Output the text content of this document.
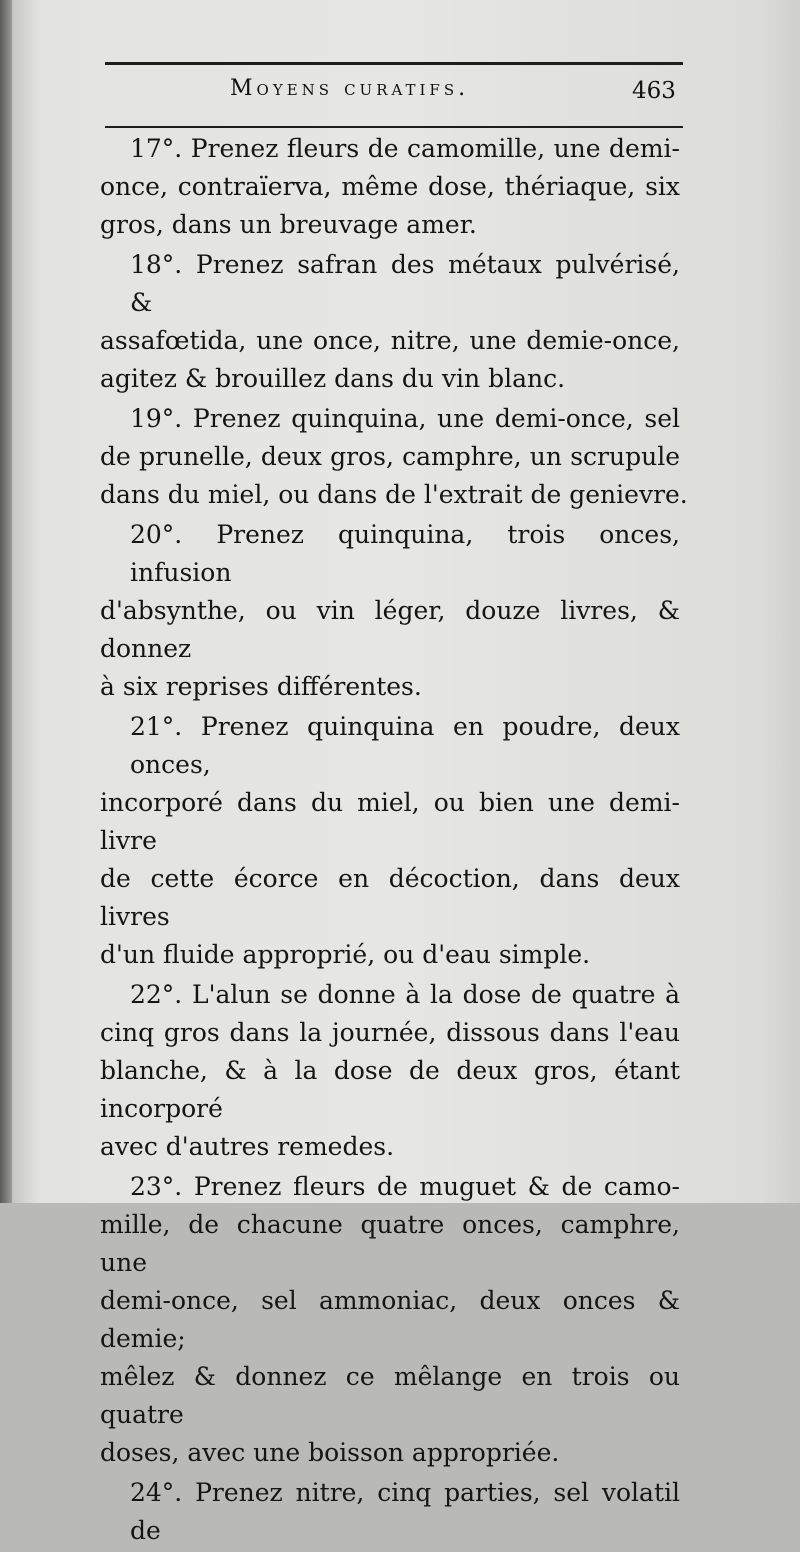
Moyens curatifs.	463
17°. Prenez fleurs de camomille, une demi-
once, contraïerva, même dose, thériaque, six
gros, dans un breuvage amer.
18°. Prenez safran des métaux pulvérisé, &
assafœtida, une once, nitre, une demie-once,
agitez & brouillez dans du vin blanc.
19°. Prenez quinquina, une demi-once, sel
de prunelle, deux gros, camphre, un scrupule
dans du miel, ou dans de l'extrait de genievre.
20°. Prenez quinquina, trois onces, infusion
d'absynthe, ou vin léger, douze livres, & donnez
à six reprises différentes.
21°. Prenez quinquina en poudre, deux onces,
incorporé dans du miel, ou bien une demi-livre
de cette écorce en décoction, dans deux livres
d'un fluide approprié, ou d'eau simple.
22°. L'alun se donne à la dose de quatre à
cinq gros dans la journée, dissous dans l'eau
blanche, & à la dose de deux gros, étant incorporé
avec d'autres remedes.
23°. Prenez fleurs de muguet & de camo-
mille, de chacune quatre onces, camphre, une
demi-once, sel ammoniac, deux onces & demie;
mêlez & donnez ce mêlange en trois ou quatre
doses, avec une boisson appropriée.
24°. Prenez nitre, cinq parties, sel volatil de
